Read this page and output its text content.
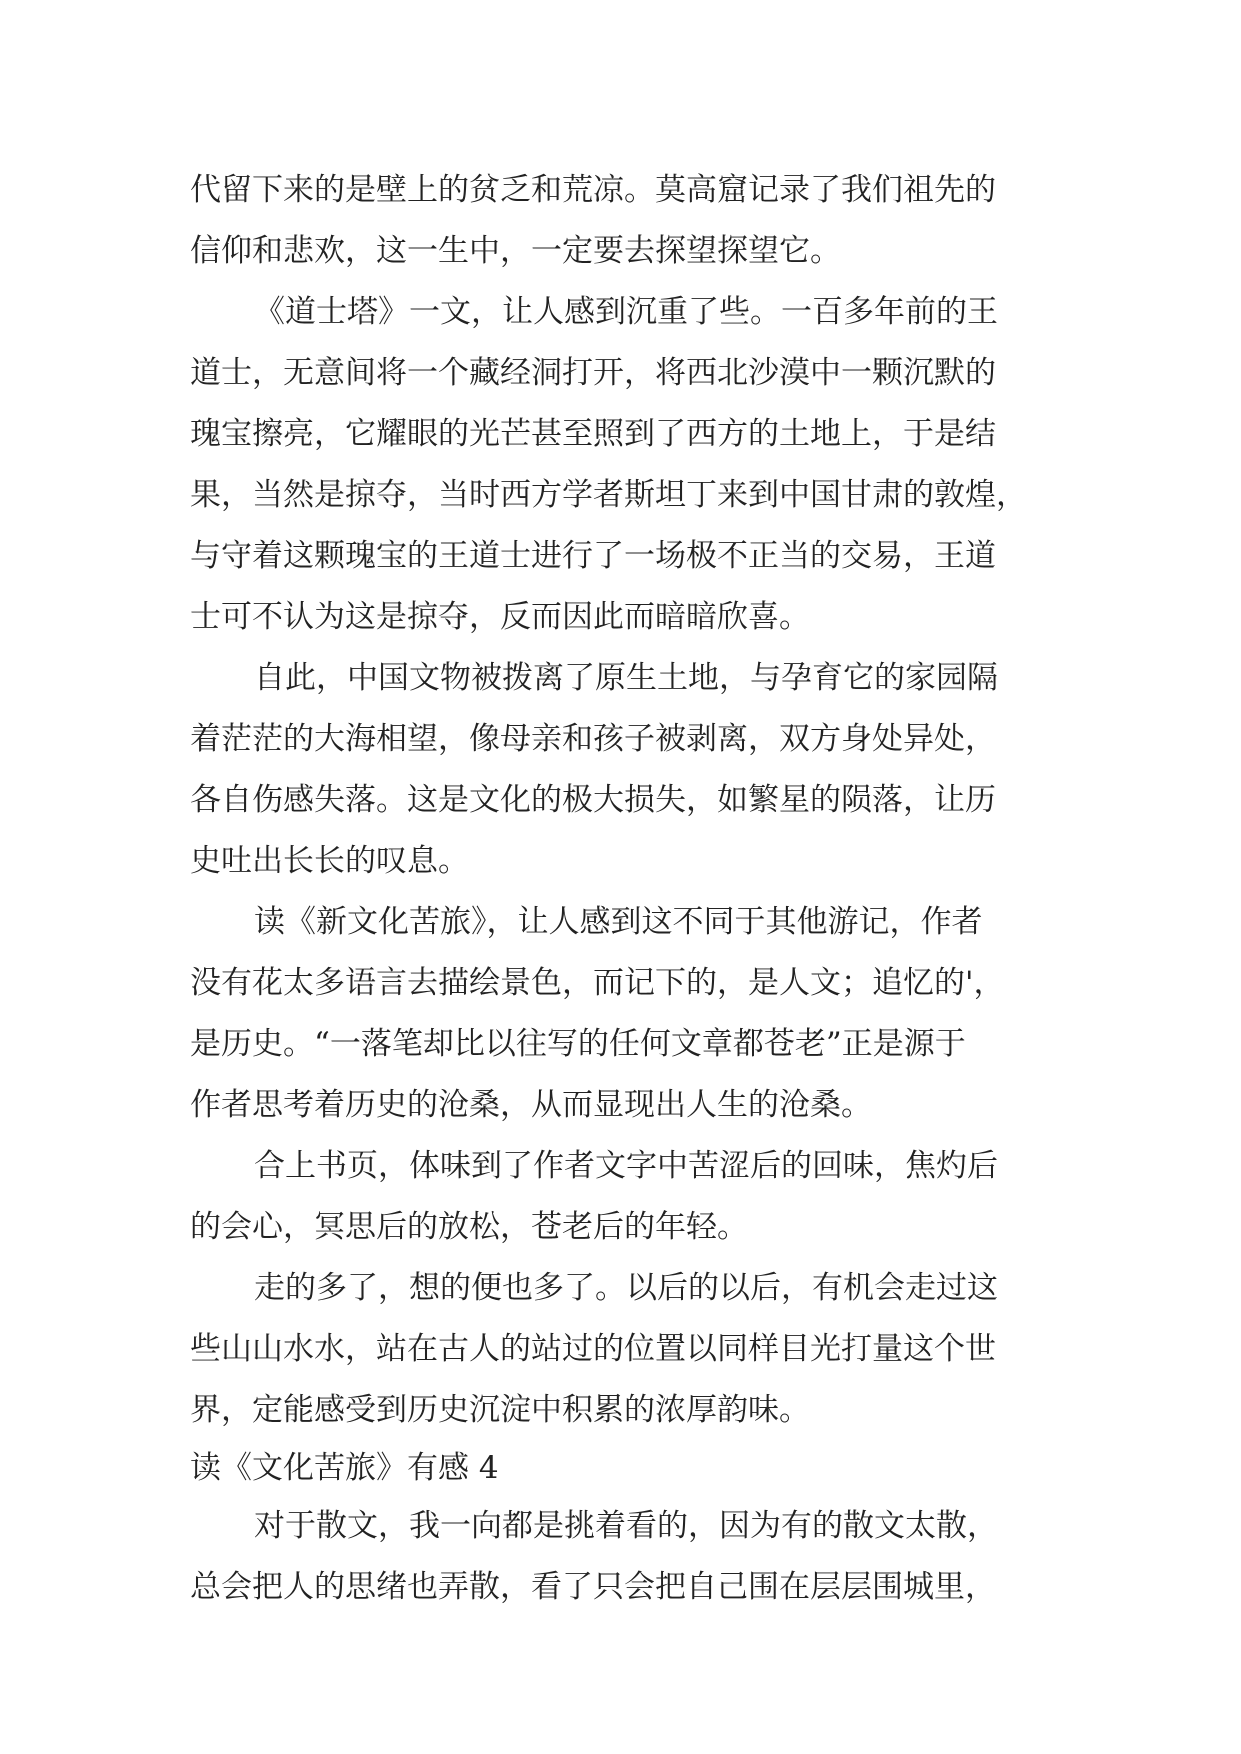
代留下来的是壁上的贫乏和荒凉。莫高窟记录了我们祖先的

信仰和悲欢，这一生中，一定要去探望探望它。

《道士塔》一文，让人感到沉重了些。一百多年前的王

道士，无意间将一个藏经洞打开，将西北沙漠中一颗沉默的

瑰宝擦亮，它耀眼的光芒甚至照到了西方的土地上，于是结

果，当然是掠夺，当时西方学者斯坦丁来到中国甘肃的敦煌，

与守着这颗瑰宝的王道士进行了一场极不正当的交易，王道

士可不认为这是掠夺，反而因此而暗暗欣喜。

自此，中国文物被拨离了原生土地，与孕育它的家园隔

着茫茫的大海相望，像母亲和孩子被剥离，双方身处异处，

各自伤感失落。这是文化的极大损失，如繁星的陨落，让历

史吐出长长的叹息。

读《新文化苦旅》，让人感到这不同于其他游记，作者

没有花太多语言去描绘景色，而记下的，是人文；追忆的'，

是历史。“一落笔却比以往写的任何文章都苍老”正是源于

作者思考着历史的沧桑，从而显现出人生的沧桑。

合上书页，体味到了作者文字中苦涩后的回味，焦灼后

的会心，冥思后的放松，苍老后的年轻。

走的多了，想的便也多了。以后的以后，有机会走过这

些山山水水，站在古人的站过的位置以同样目光打量这个世

界，定能感受到历史沉淀中积累的浓厚韵味。

读《文化苦旅》有感 4

对于散文，我一向都是挑着看的，因为有的散文太散，

总会把人的思绪也弄散，看了只会把自己围在层层围城里，
